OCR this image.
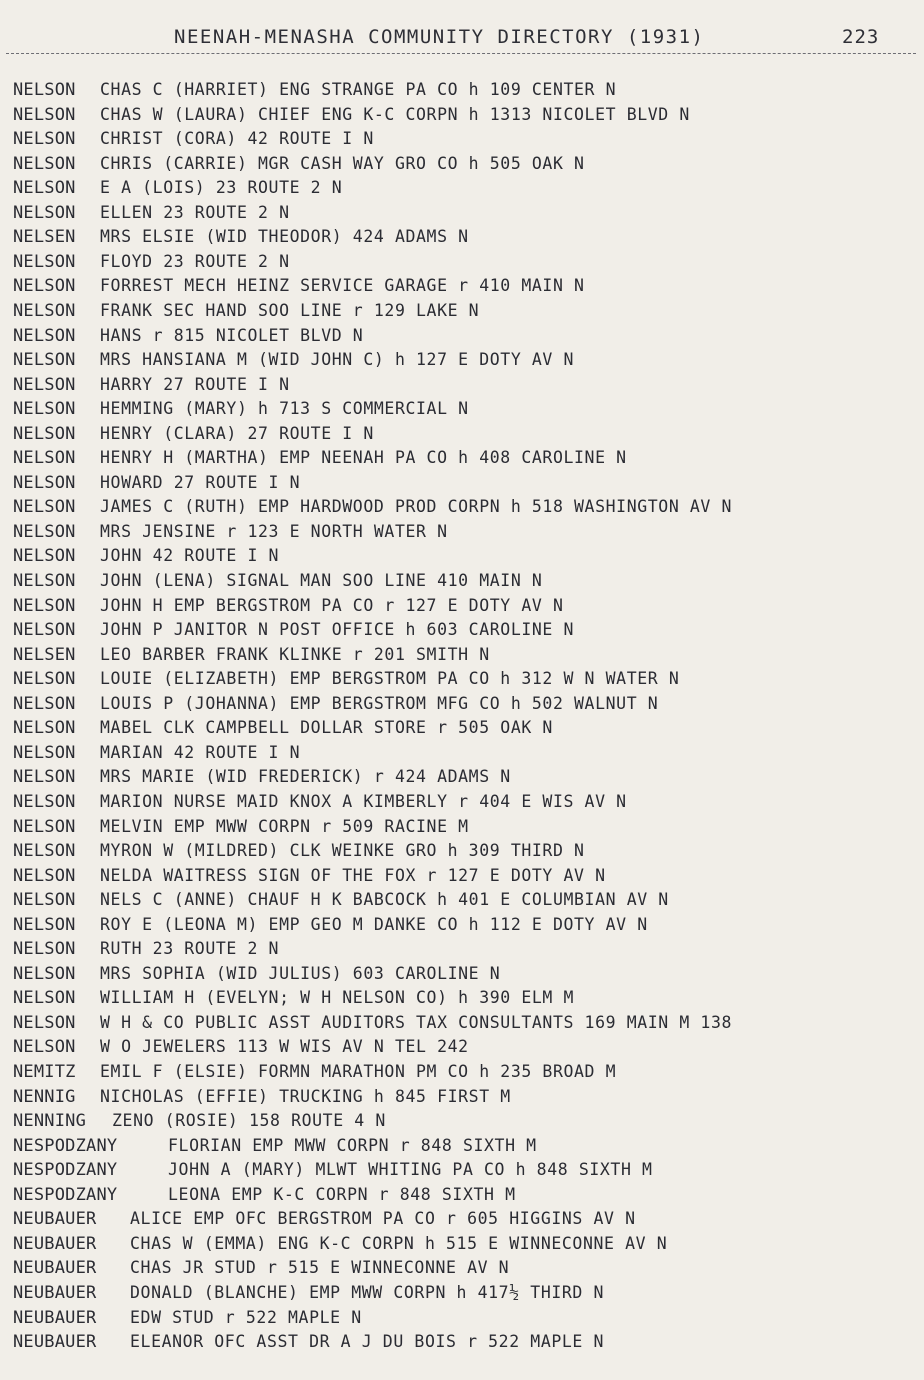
NEENAH-MENASHA COMMUNITY DIRECTORY (1931)	223
NELSON CHAS C (HARRIET) ENG STRANGE PA CO h 109 CENTER N
NELSON CHAS W (LAURA) CHIEF ENG K-C CORPN h 1313 NICOLET BLVD N
NELSON CHRIST (CORA) 42 ROUTE I N
NELSON CHRIS (CARRIE) MGR CASH WAY GRO CO h 505 OAK N
NELSON E A (LOIS) 23 ROUTE 2 N
NELSON ELLEN 23 ROUTE 2 N
NELSEN MRS ELSIE (WID THEODOR) 424 ADAMS N
NELSON FLOYD 23 ROUTE 2 N
NELSON FORREST MECH HEINZ SERVICE GARAGE r 410 MAIN N
NELSON FRANK SEC HAND SOO LINE r 129 LAKE N
NELSON HANS r 815 NICOLET BLVD N
NELSON MRS HANSIANA M (WID JOHN C) h 127 E DOTY AV N
NELSON HARRY 27 ROUTE I N
NELSON HEMMING (MARY) h 713 S COMMERCIAL N
NELSON HENRY (CLARA) 27 ROUTE I N
NELSON HENRY H (MARTHA) EMP NEENAH PA CO h 408 CAROLINE N
NELSON HOWARD 27 ROUTE I N
NELSON JAMES C (RUTH) EMP HARDWOOD PROD CORPN h 518 WASHINGTON AV N
NELSON MRS JENSINE r 123 E NORTH WATER N
NELSON JOHN 42 ROUTE I N
NELSON JOHN (LENA) SIGNAL MAN SOO LINE 410 MAIN N
NELSON JOHN H EMP BERGSTROM PA CO r 127 E DOTY AV N
NELSON JOHN P JANITOR N POST OFFICE h 603 CAROLINE N
NELSEN LEO BARBER FRANK KLINKE r 201 SMITH N
NELSON LOUIE (ELIZABETH) EMP BERGSTROM PA CO h 312 W N WATER N
NELSON LOUIS P (JOHANNA) EMP BERGSTROM MFG CO h 502 WALNUT N
NELSON MABEL CLK CAMPBELL DOLLAR STORE r 505 OAK N
NELSON MARIAN 42 ROUTE I N
NELSON MRS MARIE (WID FREDERICK) r 424 ADAMS N
NELSON MARION NURSE MAID KNOX A KIMBERLY r 404 E WIS AV N
NELSON MELVIN EMP MWW CORPN r 509 RACINE M
NELSON MYRON W (MILDRED) CLK WEINKE GRO h 309 THIRD N
NELSON NELDA WAITRESS SIGN OF THE FOX r 127 E DOTY AV N
NELSON NELS C (ANNE) CHAUF H K BABCOCK h 401 E COLUMBIAN AV N
NELSON ROY E (LEONA M) EMP GEO M DANKE CO h 112 E DOTY AV N
NELSON RUTH 23 ROUTE 2 N
NELSON MRS SOPHIA (WID JULIUS) 603 CAROLINE N
NELSON WILLIAM H (EVELYN; W H NELSON CO) h 390 ELM M
NELSON W H & CO PUBLIC ASST AUDITORS TAX CONSULTANTS 169 MAIN M 138
NELSON W O JEWELERS 113 W WIS AV N TEL 242
NEMITZ EMIL F (ELSIE) FORMN MARATHON PM CO h 235 BROAD M
NENNIG NICHOLAS (EFFIE) TRUCKING h 845 FIRST M
NENNING ZENO (ROSIE) 158 ROUTE 4 N
NESPODZANY	FLORIAN EMP MWW CORPN r 848 SIXTH M
NESPODZANY	JOHN A (MARY) MLWT WHITING PA CO h 848 SIXTH M
NESPODZANY	LEONA EMP K-C CORPN r 848 SIXTH M
NEUBAUER ALICE EMP OFC BERGSTROM PA CO r 605 HIGGINS AV N
NEUBAUER CHAS W (EMMA) ENG K-C CORPN h 515 E WINNECONNE AV N
NEUBAUER CHAS JR STUD r 515 E WINNECONNE AV N
NEUBAUER DONALD (BLANCHE) EMP MWW CORPN h 417½ THIRD N
NEUBAUER EDW STUD r 522 MAPLE N
NEUBAUER ELEANOR OFC ASST DR A J DU BOIS r 522 MAPLE N
